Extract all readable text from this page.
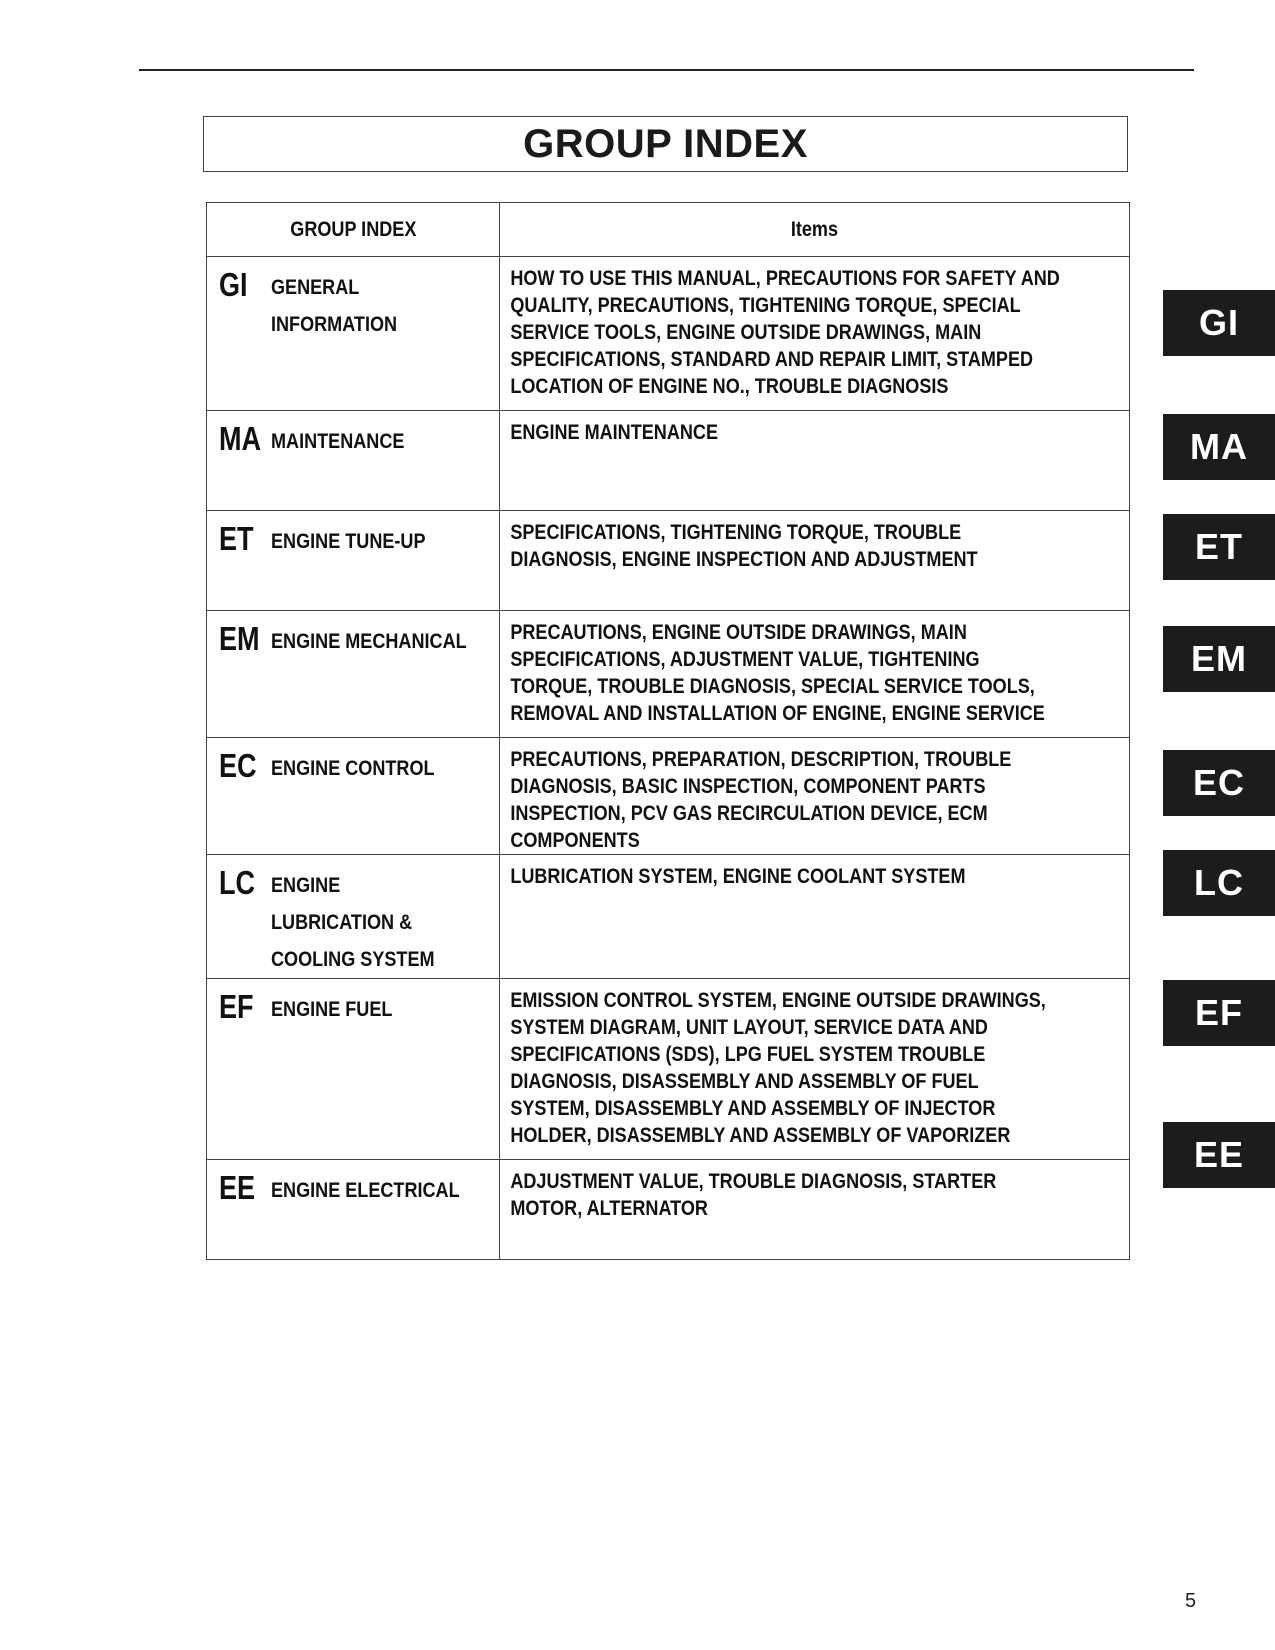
GROUP INDEX
GROUP INDEX	Items

GI GENERAL INFORMATION	HOW TO USE THIS MANUAL, PRECAUTIONS FOR SAFETY AND QUALITY, PRECAUTIONS, TIGHTENING TORQUE, SPECIAL SERVICE TOOLS, ENGINE OUTSIDE DRAWINGS, MAIN SPECIFICATIONS, STANDARD AND REPAIR LIMIT, STAMPED LOCATION OF ENGINE NO., TROUBLE DIAGNOSIS

MA MAINTENANCE	ENGINE MAINTENANCE

ET ENGINE TUNE-UP	SPECIFICATIONS, TIGHTENING TORQUE, TROUBLE DIAGNOSIS, ENGINE INSPECTION AND ADJUSTMENT

EM ENGINE MECHANICAL	PRECAUTIONS, ENGINE OUTSIDE DRAWINGS, MAIN SPECIFICATIONS, ADJUSTMENT VALUE, TIGHTENING TORQUE, TROUBLE DIAGNOSIS, SPECIAL SERVICE TOOLS, REMOVAL AND INSTALLATION OF ENGINE, ENGINE SERVICE

EC ENGINE CONTROL	PRECAUTIONS, PREPARATION, DESCRIPTION, TROUBLE DIAGNOSIS, BASIC INSPECTION, COMPONENT PARTS INSPECTION, PCV GAS RECIRCULATION DEVICE, ECM COMPONENTS

LC ENGINE LUBRICATION & COOLING SYSTEM	LUBRICATION SYSTEM, ENGINE COOLANT SYSTEM

EF ENGINE FUEL	EMISSION CONTROL SYSTEM, ENGINE OUTSIDE DRAWINGS, SYSTEM DIAGRAM, UNIT LAYOUT, SERVICE DATA AND SPECIFICATIONS (SDS), LPG FUEL SYSTEM TROUBLE DIAGNOSIS, DISASSEMBLY AND ASSEMBLY OF FUEL SYSTEM, DISASSEMBLY AND ASSEMBLY OF INJECTOR HOLDER, DISASSEMBLY AND ASSEMBLY OF VAPORIZER

EE ENGINE ELECTRICAL	ADJUSTMENT VALUE, TROUBLE DIAGNOSIS, STARTER MOTOR, ALTERNATOR
GI
MA
ET
EM
EC
LC
EF
EE
5
